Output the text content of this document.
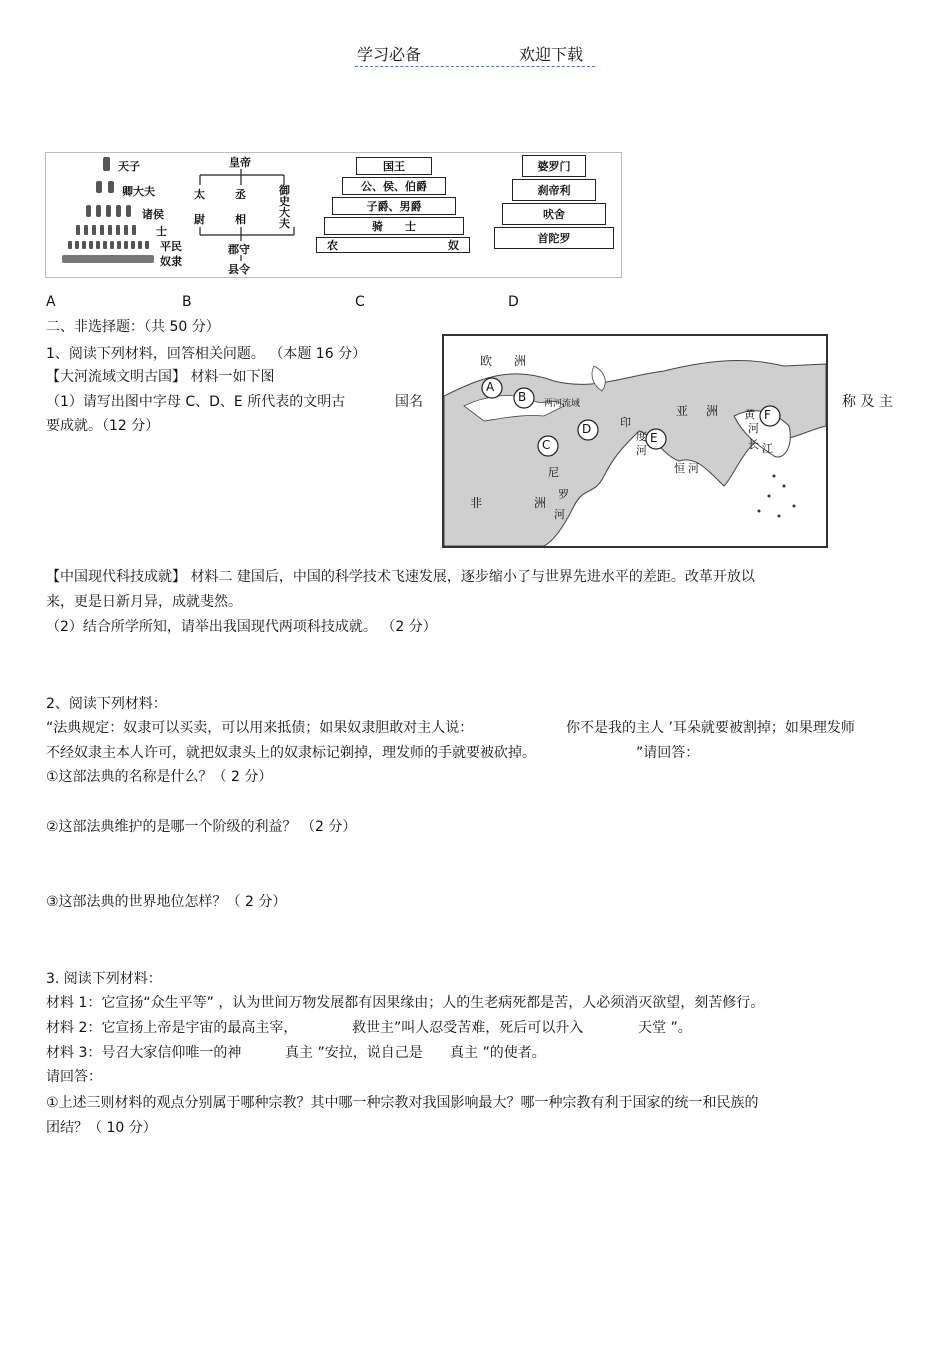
学习必备	欢迎下载
天子
卿大夫
诸侯
士
平民
奴隶
皇帝
太
尉
丞
相
御史大夫
郡守
县令
国王
公、侯、伯爵
子爵、男爵
骑　　士
农	奴
婆罗门
刹帝利
吠舍
首陀罗
A	B	C	D
二、非选择题：（共 50 分）
1、阅读下列材料，回答相关问题。 （本题 16 分）
【大河流域文明古国】 材料一如下图
（1）请写出图中字母 C、D、E 所代表的文明古	国名	称 及 主
要成就。（12 分）
A
B
C
D
E
F
欧 洲
两河流域	亚 洲 黄
河
长 江
印
度
河
恒 河
尼
罗
河
非	洲
【中国现代科技成就】 材料二 建国后，中国的科学技术飞速发展，逐步缩小了与世界先进水平的差距。改革开放以
来，更是日新月异，成就斐然。
（2）结合所学所知，请举出我国现代两项科技成就。 （2 分）
2、阅读下列材料：
“法典规定：奴隶可以买卖，可以用来抵债；如果奴隶胆敢对主人说：	你不是我的主人 ’耳朵就要被割掉；如果理发师
不经奴隶主本人许可，就把奴隶头上的奴隶标记剃掉，理发师的手就要被砍掉。	”请回答：
①这部法典的名称是什么？（ 2 分）
②这部法典维护的是哪一个阶级的利益？ （2 分）
③这部法典的世界地位怎样？（ 2 分）
3. 阅读下列材料：
材料 1：它宣扬“众生平等” ，认为世间万物发展都有因果缘由；人的生老病死都是苦，人必须消灭欲望，刻苦修行。
材料 2：它宣扬上帝是宇宙的最高主宰，	救世主”叫人忍受苦难，死后可以升入	天堂 ”。
材料 3：号召大家信仰唯一的神	真主 ”安拉，说自己是 真主 ”的使者。
请回答：
①上述三则材料的观点分别属于哪种宗教？其中哪一种宗教对我国影响最大？哪一种宗教有利于国家的统一和民族的
团结？（ 10 分）
